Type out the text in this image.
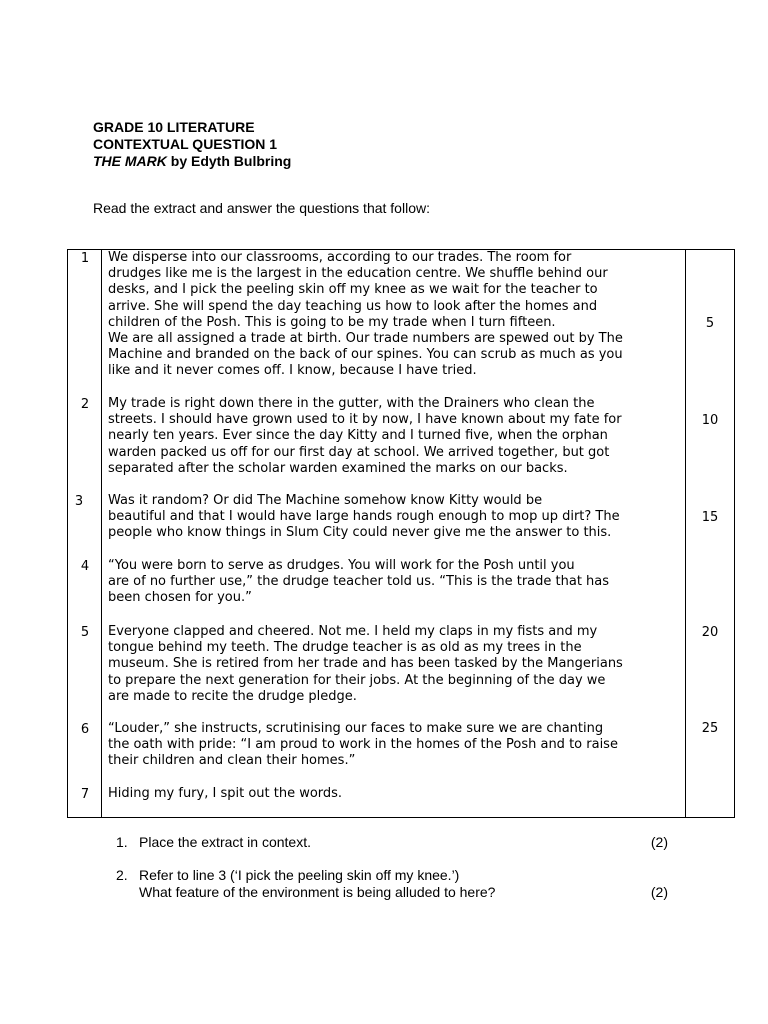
GRADE 10 LITERATURE
CONTEXTUAL QUESTION 1
THE MARK by Edyth Bulbring
Read the extract and answer the questions that follow:
1
2
3
4
5
6
7
We disperse into our classrooms, according to our trades. The room for
drudges like me is the largest in the education centre. We shuffle behind our
desks, and I pick the peeling skin off my knee as we wait for the teacher to
arrive. She will spend the day teaching us how to look after the homes and
children of the Posh. This is going to be my trade when I turn fifteen.
We are all assigned a trade at birth. Our trade numbers are spewed out by The
Machine and branded on the back of our spines. You can scrub as much as you
like and it never comes off. I know, because I have tried.
My trade is right down there in the gutter, with the Drainers who clean the
streets. I should have grown used to it by now, I have known about my fate for
nearly ten years. Ever since the day Kitty and I turned five, when the orphan
warden packed us off for our first day at school. We arrived together, but got
separated after the scholar warden examined the marks on our backs.
Was it random? Or did The Machine somehow know Kitty would be
beautiful and that I would have large hands rough enough to mop up dirt? The
people who know things in Slum City could never give me the answer to this.
“You were born to serve as drudges. You will work for the Posh until you
are of no further use,” the drudge teacher told us. “This is the trade that has
been chosen for you.”
Everyone clapped and cheered. Not me. I held my claps in my fists and my
tongue behind my teeth. The drudge teacher is as old as my trees in the
museum. She is retired from her trade and has been tasked by the Mangerians
to prepare the next generation for their jobs. At the beginning of the day we
are made to recite the drudge pledge.
“Louder,” she instructs, scrutinising our faces to make sure we are chanting
the oath with pride: “I am proud to work in the homes of the Posh and to raise
their children and clean their homes.”
Hiding my fury, I spit out the words.
5
10
15
20
25
1. Place the extract in context.	(2)
2. Refer to line 3 (‘I pick the peeling skin off my knee.’)
What feature of the environment is being alluded to here?	(2)
